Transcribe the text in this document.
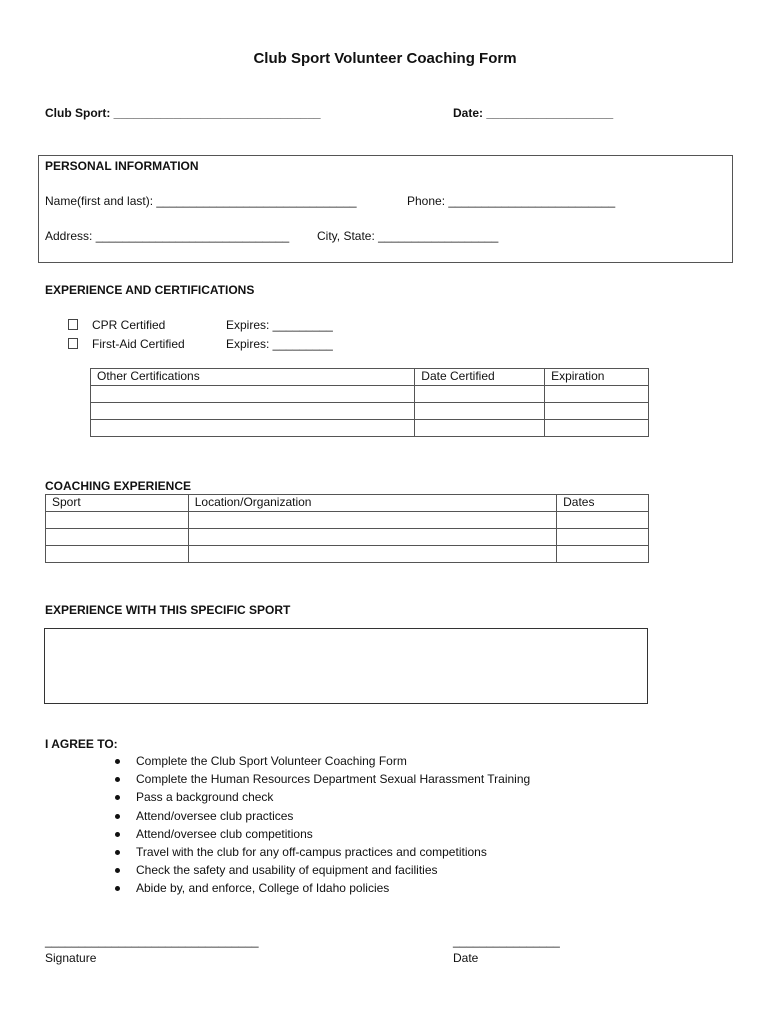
Club Sport Volunteer Coaching Form
Club Sport: _______________________________	Date: ___________________
PERSONAL INFORMATION
Name(first and last): ______________________________	Phone: _________________________
Address: _____________________________ City, State: __________________
EXPERIENCE AND CERTIFICATIONS
CPR Certified	Expires: _________
First-Aid Certified	Expires: _________
Other Certifications	Date Certified	Expiration

COACHING EXPERIENCE
Sport	Location/Organization	Dates

EXPERIENCE WITH THIS SPECIFIC SPORT
I AGREE TO:
Complete the Club Sport Volunteer Coaching Form
Complete the Human Resources Department Sexual Harassment Training
Pass a background check
Attend/oversee club practices
Attend/oversee club competitions
Travel with the club for any off-campus practices and competitions
Check the safety and usability of equipment and facilities
Abide by, and enforce, College of Idaho policies
________________________________
Signature
________________
Date
